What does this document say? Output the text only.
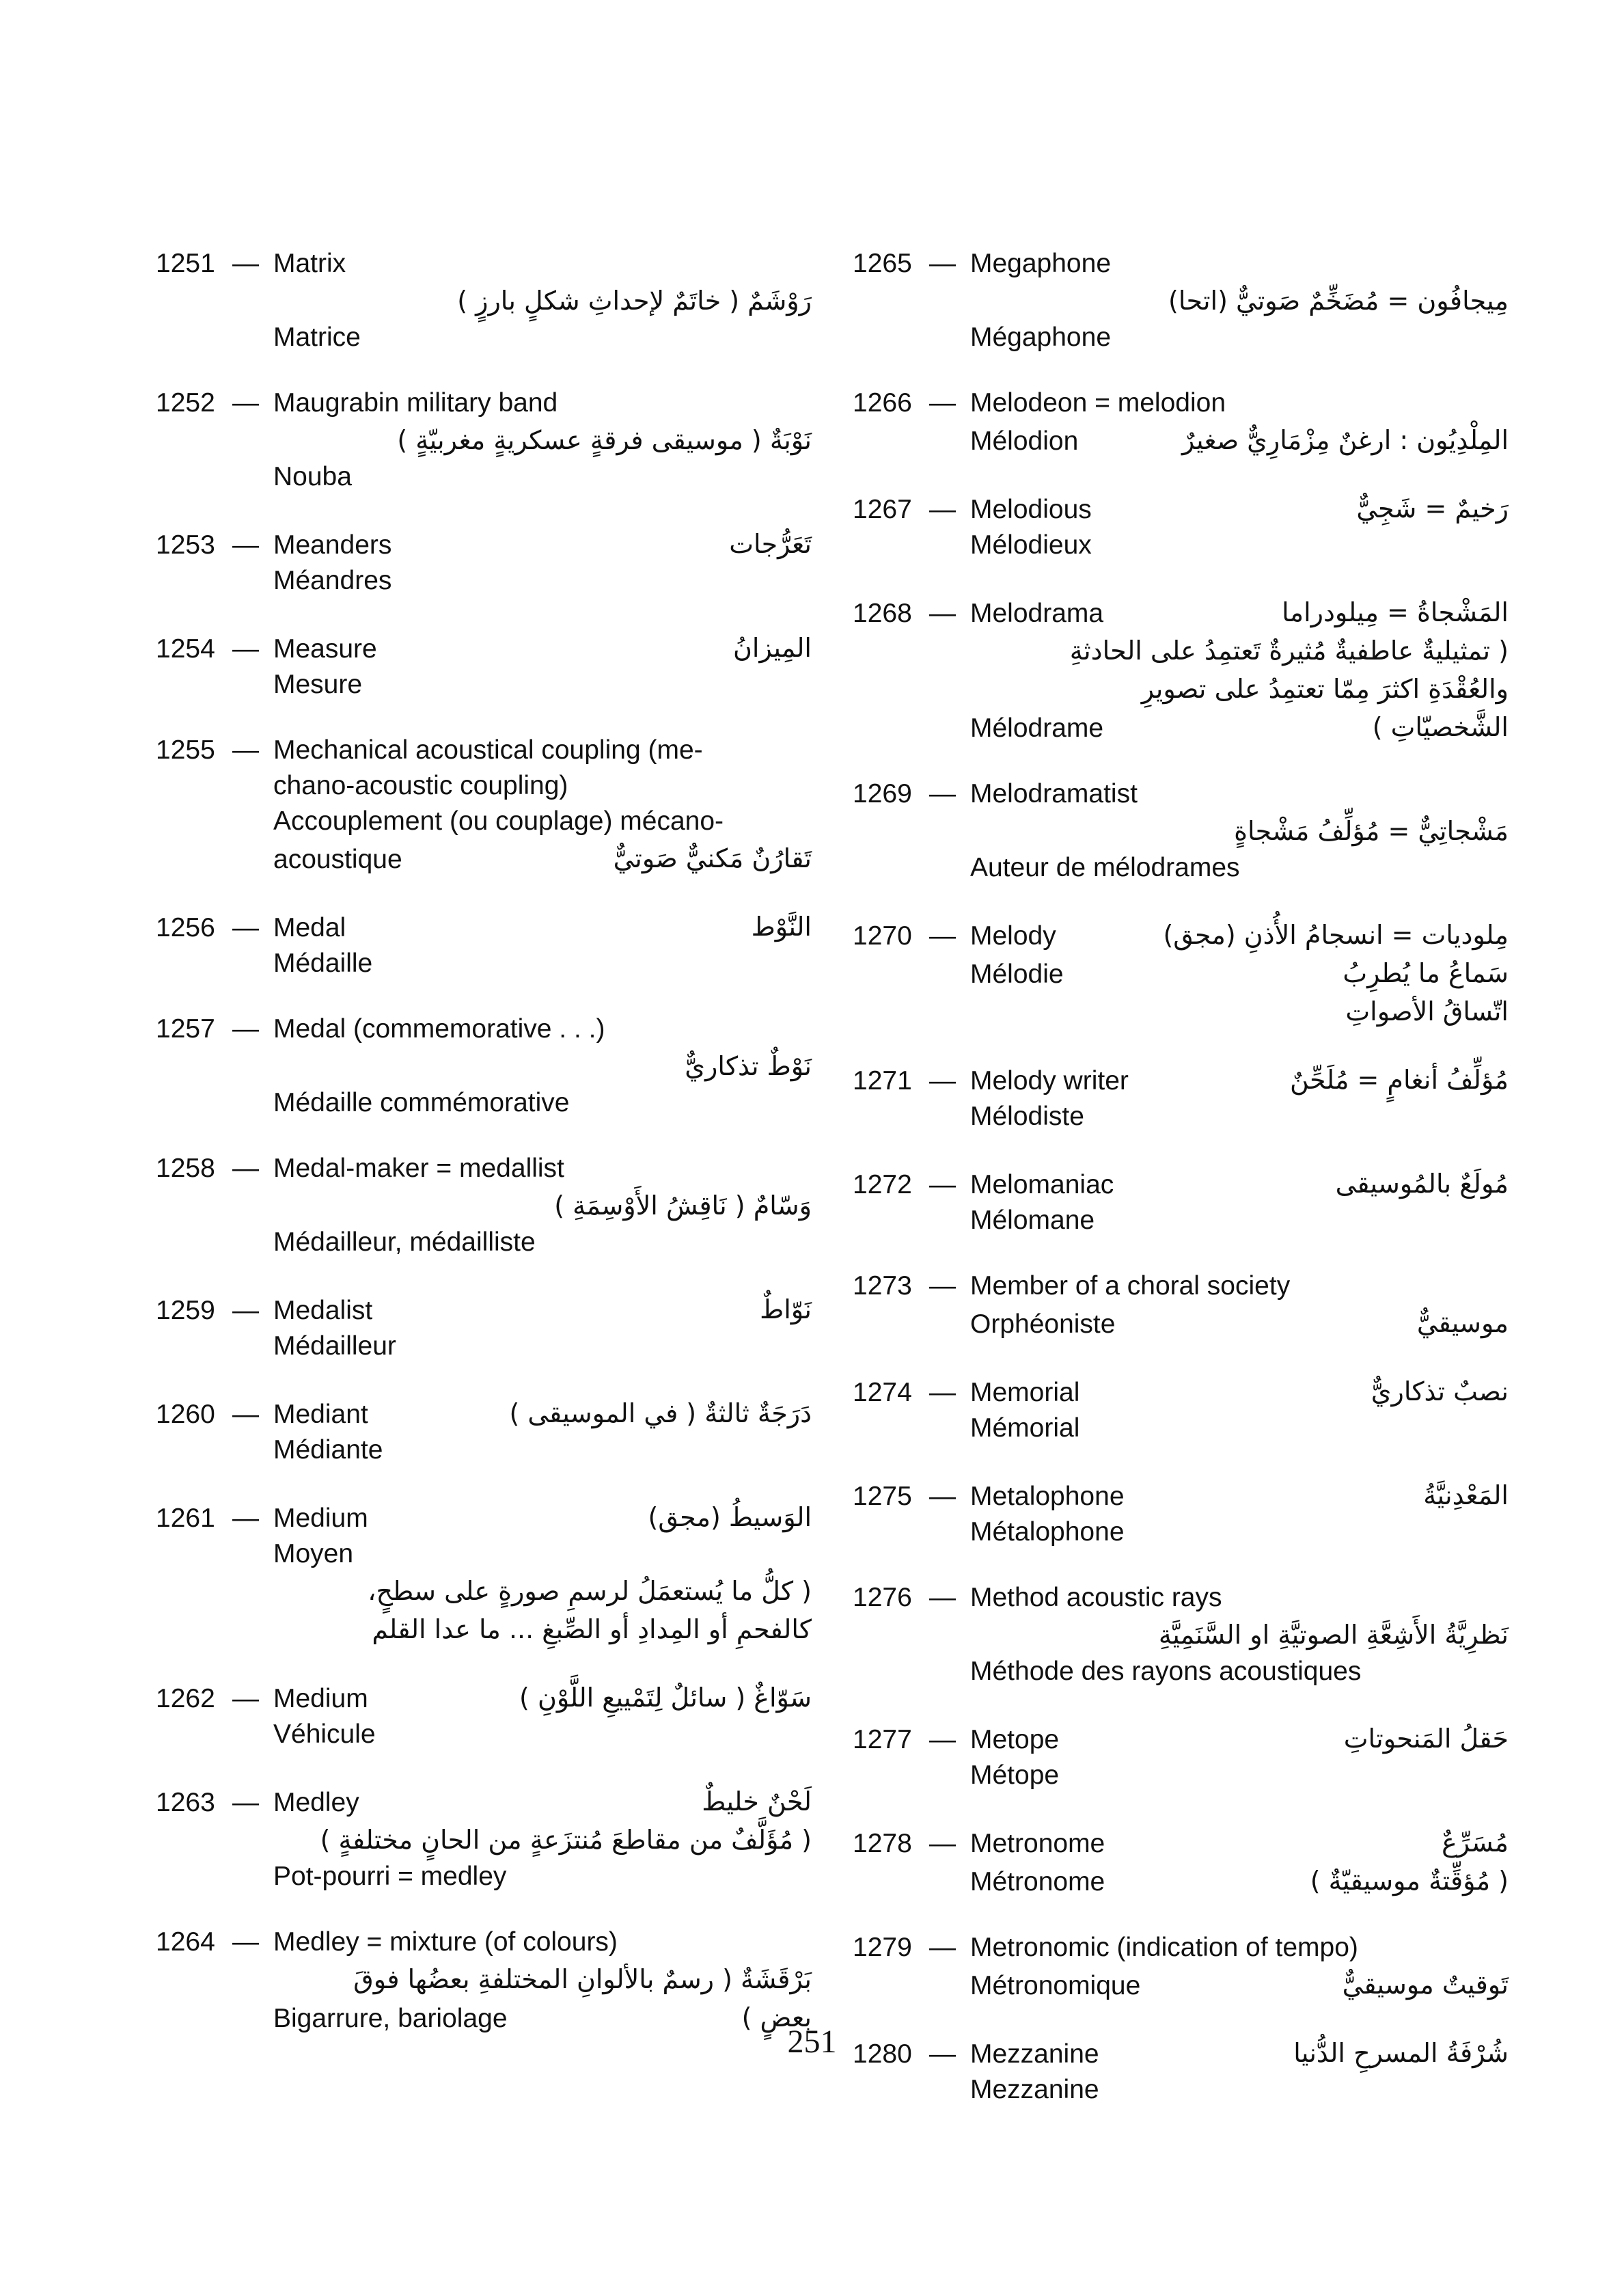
1251 — Matrix
رَوْشَمٌ ( خاتَمٌ لإحداثِ شكلٍ بارزٍ )
Matrice
1252 — Maugrabin military band
نَوْبَةٌ ( موسيقى فرقةٍ عسكريةٍ مغربيّةٍ )
Nouba
1253 — Meanders	تَعَرُّجات
Méandres
1254 — Measure	المِيزانُ
Mesure
1255 — Mechanical acoustical coupling (me-
chano-acoustic coupling)
Accouplement (ou couplage) mécano-
acoustique	تَقارُنٌ مَكنيٌّ صَوتيٌّ
1256 — Medal	النَّوْط
Médaille
1257 — Medal (commemorative . . .)
نَوْطٌ تذكاريٌّ
Médaille commémorative
1258 — Medal-maker = medallist
وَسّامٌ ( نَاقِشُ الأَوْسِمَةِ )
Médailleur, médailliste
1259 — Medalist	نَوّاطٌ
Médailleur
1260 — Mediant	دَرَجَةٌ ثالثةٌ ( في الموسيقى )
Médiante
1261 — Medium	الوَسيطُ (مجق)
Moyen
( كلُّ ما يُستعمَلُ لرسمِ صورةٍ على سطحٍ،
كالفحمِ أو المِدادِ أو الصِّبغِ ... ما عدا القلم
1262 — Medium	سَوّاغٌ ( سائلٌ لِتَمْييعِ اللَّوْنِ )
Véhicule
1263 — Medley	لَحْنٌ خليطٌ
( مُؤَلَّفٌ من مقاطعَ مُنتزَعةٍ من الحانٍ مختلفةٍ )
Pot-pourri = medley
1264 — Medley = mixture (of colours)
بَرْقَشَةٌ ( رسمٌ بالألوانِ المختلفةِ بعضُها فوقَ
Bigarrure, bariolage	بعضٍ )
1265 — Megaphone
مِيجافُون = مُضَخِّمٌ صَوتيٌّ (اتحا)
Mégaphone
1266 — Melodeon = melodion
Mélodion	المِلْدِيُون : ارغنٌ مِزْمَارِيٌّ صغيرٌ
1267 — Melodious	رَخيمٌ = شَجِيٌّ
Mélodieux
1268 — Melodrama	المَشْجاةُ = مِيلودراما
( تمثيليةٌ عاطفيةٌ مُثيرةٌ تَعتمِدُ على الحادثةِ
والعُقْدَةِ اكثرَ مِمّا تعتمِدُ على تصويرِ
Mélodrame	الشَّخصيّاتِ )
1269 — Melodramatist
مَشْجاتِيٌّ = مُؤلِّفُ مَشْجاةٍ
Auteur de mélodrames
1270 — Melody	مِلوديات = انسجامُ الأُذنِ (مجق)
Mélodie	سَماعُ ما يُطرِبُ
اتّساقُ الأصواتِ
1271 — Melody writer	مُؤلِّفُ أنغامٍ = مُلَحِّنٌ
Mélodiste
1272 — Melomaniac	مُولَعٌ بالمُوسيقى
Mélomane
1273 — Member of a choral society
Orphéoniste	موسيقيٌّ
1274 — Memorial	نصبٌ تذكاريٌّ
Mémorial
1275 — Metalophone	المَعْدِنيَّةُ
Métalophone
1276 — Method acoustic rays
نَظرِيَّةُ الأَشِعَّةِ الصوتيَّةِ او السَّنَمِيَّةِ
Méthode des rayons acoustiques
1277 — Metope	حَقلُ المَنحوتاتِ
Métope
1278 — Metronome	مُسَرِّعٌ
Métronome	( مُؤقِّتةٌ موسيقيّةٌ )
1279 — Metronomic (indication of tempo)
Métronomique	تَوقيتٌ موسيقيٌّ
1280 — Mezzanine	شُرْفَةُ المسرحِ الدُّنيا
Mezzanine
251
